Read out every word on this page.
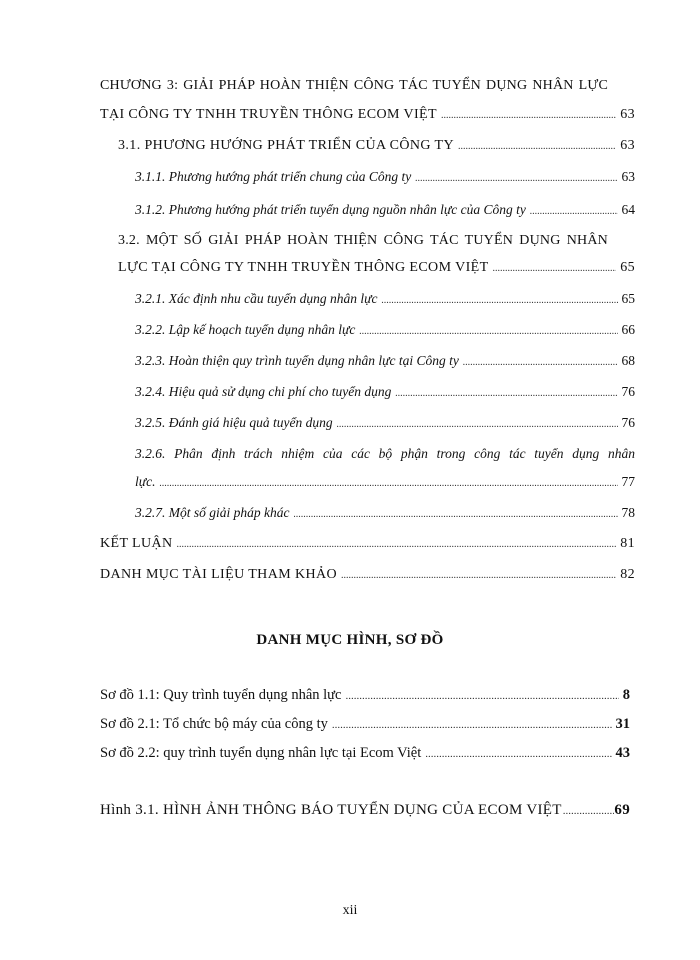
CHƯƠNG 3: GIẢI PHÁP HOÀN THIỆN CÔNG TÁC TUYỂN DỤNG NHÂN LỰC
TẠI CÔNG TY TNHH TRUYỀN THÔNG ECOM VIỆT .....	63
3.1. PHƯƠNG HƯỚNG PHÁT TRIỂN CỦA CÔNG TY .....	63
3.1.1. Phương hướng phát triển chung của Công ty .....	63
3.1.2. Phương hướng phát triển tuyển dụng nguồn nhân lực của Công ty .....	64
3.2. MỘT SỐ GIẢI PHÁP HOÀN THIỆN CÔNG TÁC TUYỂN DỤNG NHÂN
LỰC TẠI CÔNG TY TNHH TRUYỀN THÔNG ECOM VIỆT .....	65
3.2.1. Xác định nhu cầu tuyển dụng nhân lực .....	65
3.2.2. Lập kế hoạch tuyển dụng nhân lực .....	66
3.2.3. Hoàn thiện quy trình tuyển dụng nhân lực tại Công ty .....	68
3.2.4. Hiệu quả sử dụng chi phí cho tuyển dụng .....	76
3.2.5. Đánh giá hiệu quả tuyển dụng .....	76
3.2.6. Phân định trách nhiệm của các bộ phận trong công tác tuyển dụng nhân
lực. .....	77
3.2.7. Một số giải pháp khác .....	78
KẾT LUẬN .....	81
DANH MỤC TÀI LIỆU THAM KHẢO .....	82
DANH MỤC HÌNH, SƠ ĐỒ
Sơ đồ 1.1: Quy trình tuyển dụng nhân lực .....	8
Sơ đồ 2.1: Tổ chức bộ máy của công ty .....	31
Sơ đồ 2.2: quy trình tuyển dụng nhân lực tại Ecom Việt .....	43
Hình 3.1. HÌNH ẢNH THÔNG BÁO TUYỂN DỤNG CỦA ECOM VIỆT .....	69
xii
